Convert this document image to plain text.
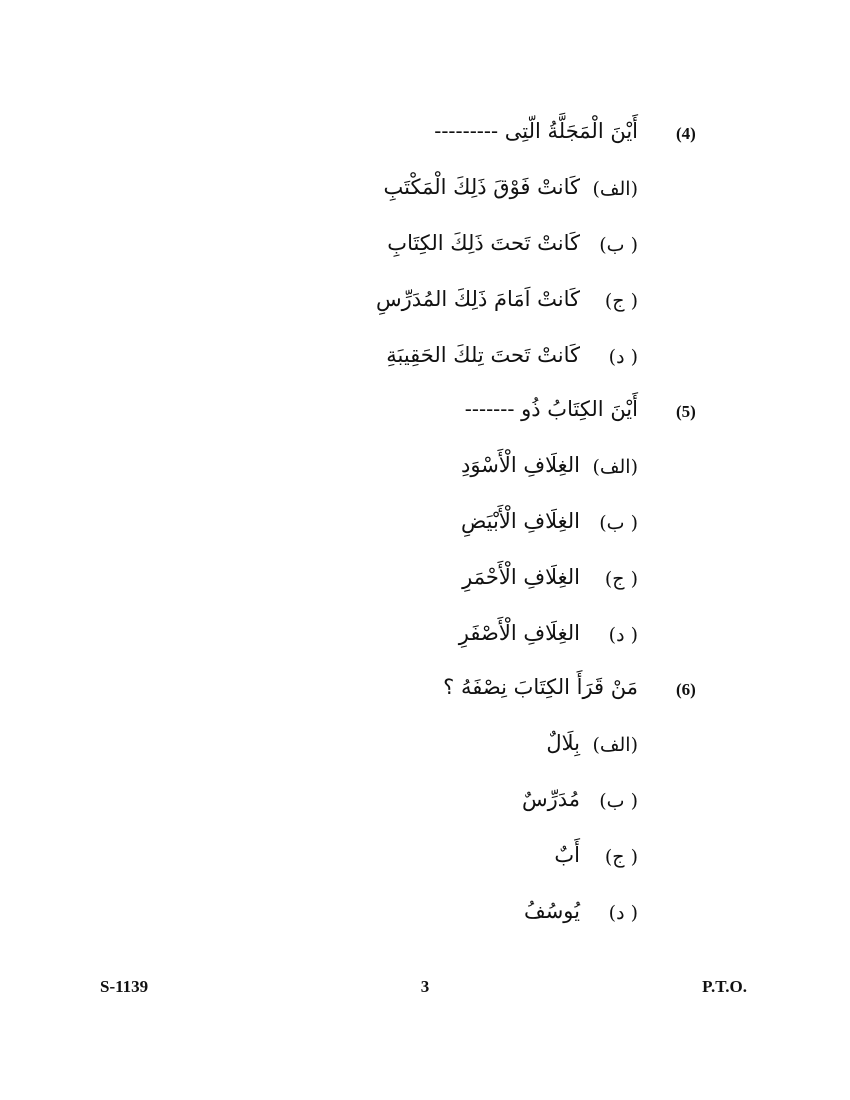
(4)
أَيْنَ الْمَجَلَّةُ الّتِى ---------
(الف)
كَانتْ فَوْقَ ذَلِكَ الْمَكْتَبِ
( ب)
كَانتْ تَحتَ ذَلِكَ الكِتَابِ
( ج)
كَانتْ اَمَامَ ذَلِكَ المُدَرِّسِ
( د)
كَانتْ تَحتَ تِلكَ الحَقِيبَةِ
(5)
أَيْنَ الكِتَابُ ذُو -------
(الف)
الغِلَافِ الْأَسْوَدِ
( ب)
الغِلَافِ الْأَبْيَضِ
( ج)
الغِلَافِ الْأَحْمَرِ
( د)
الغِلَافِ الْأَصْفَرِ
(6)
مَنْ قَرَأَ الكِتَابَ نِصْفَهُ ؟
(الف)
بِلَالٌ
( ب)
مُدَرِّسٌ
( ج)
أَبٌ
( د)
يُوسُفُ
S-1139	3	P.T.O.
